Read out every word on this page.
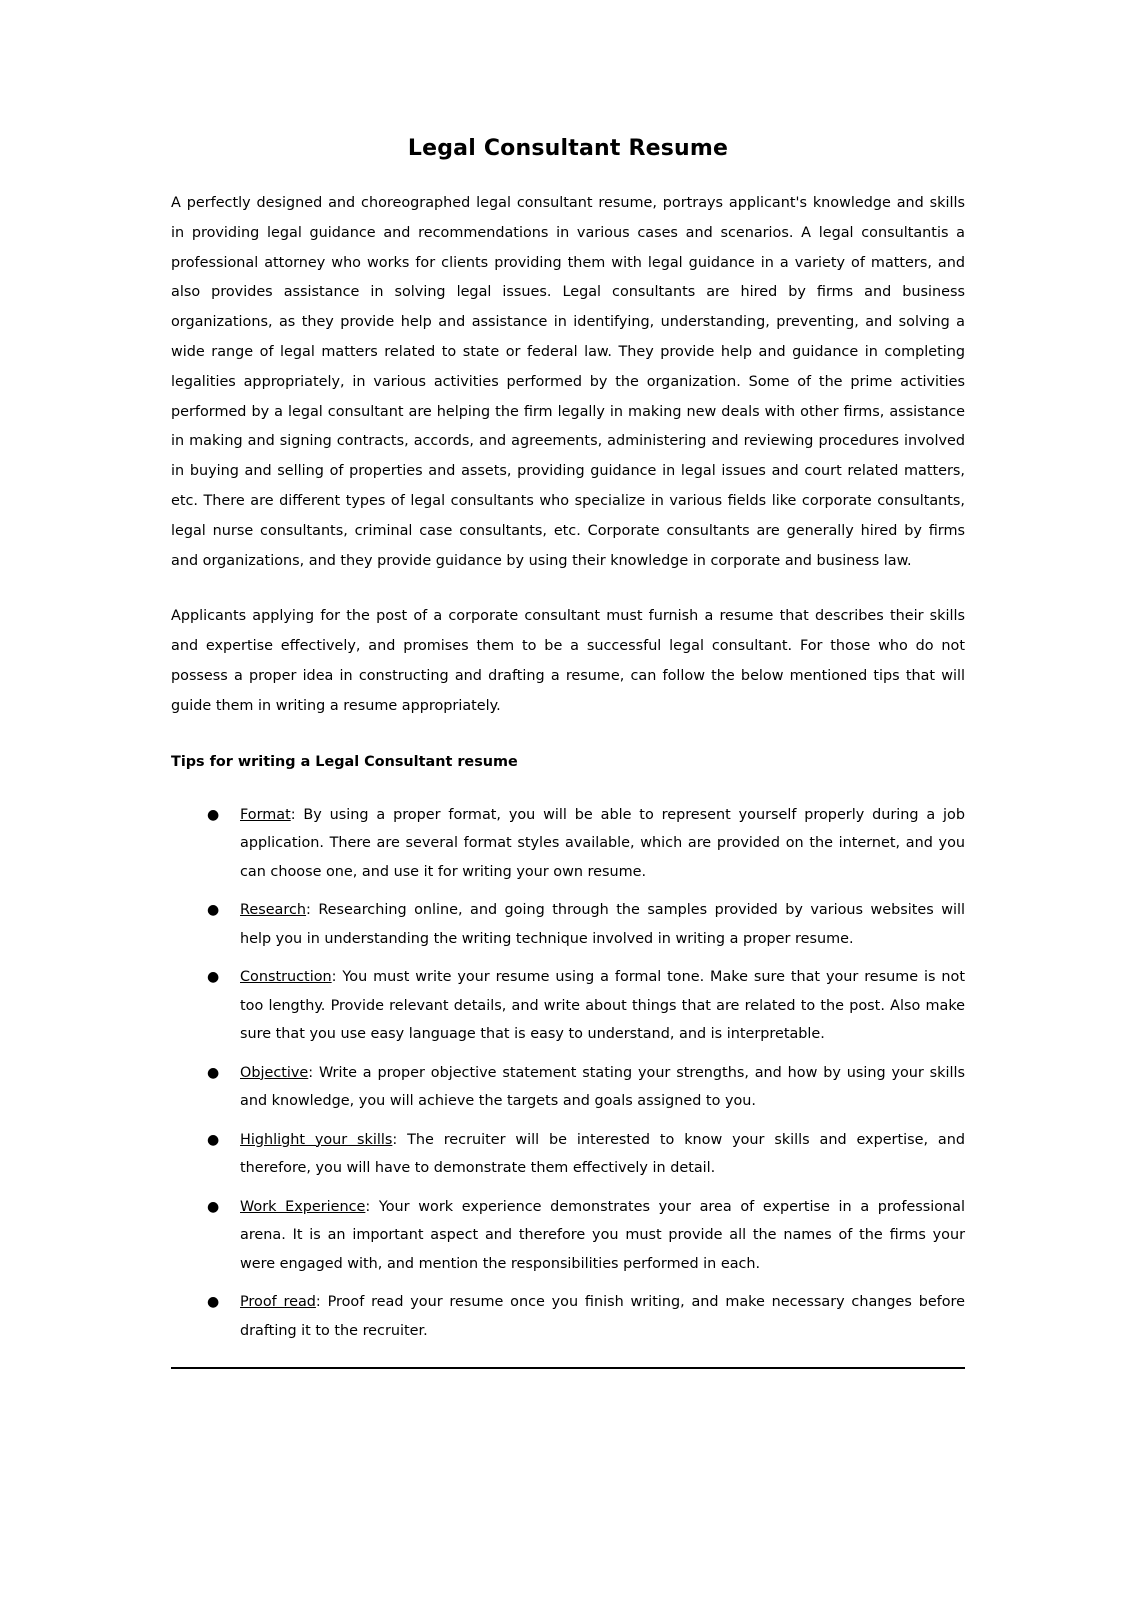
Legal Consultant Resume

A perfectly designed and choreographed legal consultant resume, portrays applicant's knowledge and skills in providing legal guidance and recommendations in various cases and scenarios. A legal consultantis a professional attorney who works for clients providing them with legal guidance in a variety of matters, and also provides assistance in solving legal issues. Legal consultants are hired by firms and business organizations, as they provide help and assistance in identifying, understanding, preventing, and solving a wide range of legal matters related to state or federal law. They provide help and guidance in completing legalities appropriately, in various activities performed by the organization. Some of the prime activities performed by a legal consultant are helping the firm legally in making new deals with other firms, assistance in making and signing contracts, accords, and agreements, administering and reviewing procedures involved in buying and selling of properties and assets, providing guidance in legal issues and court related matters, etc. There are different types of legal consultants who specialize in various fields like corporate consultants, legal nurse consultants, criminal case consultants, etc. Corporate consultants are generally hired by firms and organizations, and they provide guidance by using their knowledge in corporate and business law.

Applicants applying for the post of a corporate consultant must furnish a resume that describes their skills and expertise effectively, and promises them to be a successful legal consultant. For those who do not possess a proper idea in constructing and drafting a resume, can follow the below mentioned tips that will guide them in writing a resume appropriately.

Tips for writing a Legal Consultant resume
● Format: By using a proper format, you will be able to represent yourself properly during a job application. There are several format styles available, which are provided on the internet, and you can choose one, and use it for writing your own resume.
● Research: Researching online, and going through the samples provided by various websites will help you in understanding the writing technique involved in writing a proper resume.
● Construction: You must write your resume using a formal tone. Make sure that your resume is not too lengthy. Provide relevant details, and write about things that are related to the post. Also make sure that you use easy language that is easy to understand, and is interpretable.
● Objective: Write a proper objective statement stating your strengths, and how by using your skills and knowledge, you will achieve the targets and goals assigned to you.
● Highlight your skills: The recruiter will be interested to know your skills and expertise, and therefore, you will have to demonstrate them effectively in detail.
● Work Experience: Your work experience demonstrates your area of expertise in a professional arena. It is an important aspect and therefore you must provide all the names of the firms your were engaged with, and mention the responsibilities performed in each.
● Proof read: Proof read your resume once you finish writing, and make necessary changes before drafting it to the recruiter.
